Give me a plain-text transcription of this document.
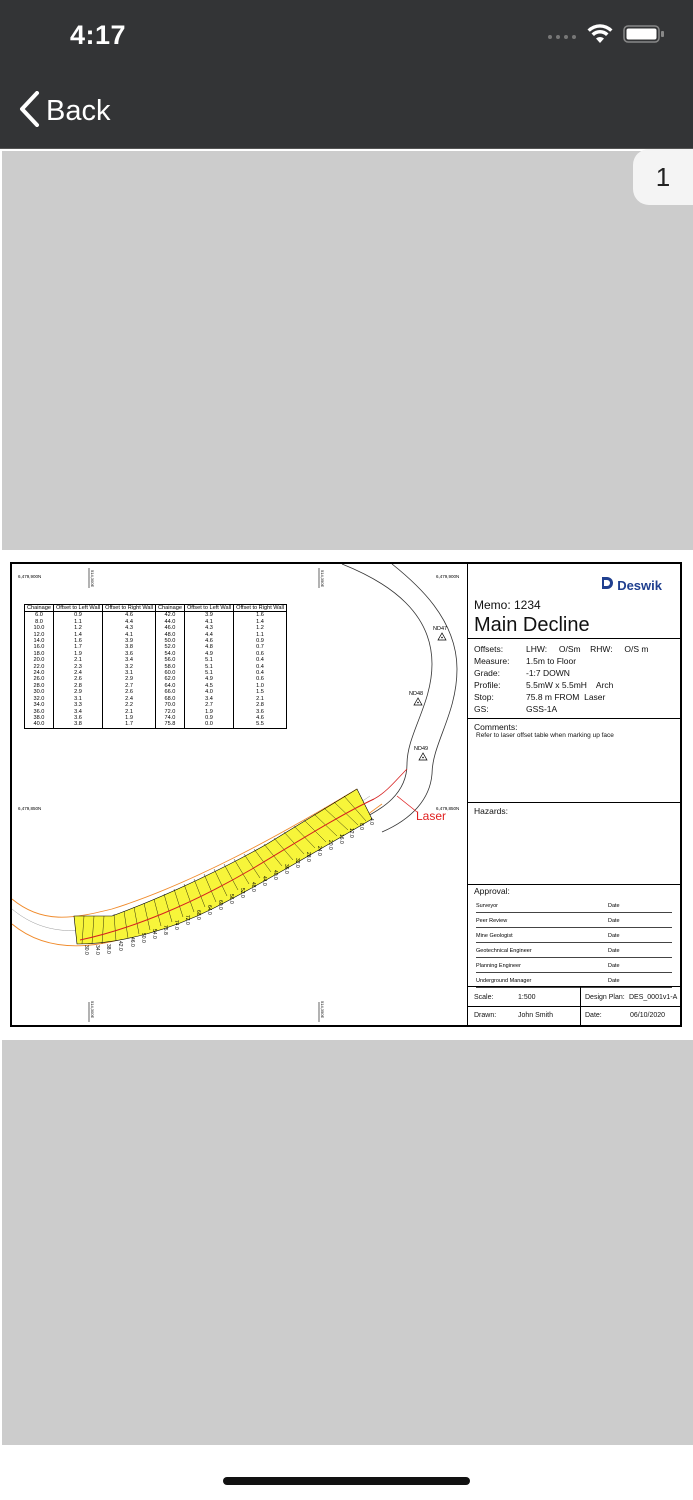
4:17
Back
1
6,479,900N	6,479,900N
6,479,850N	6,479,850N
514,300E	514,350E
514,300E	514,350E
4.0
8.0
12.0
16.0
20.0
24.0
28.0
32.0
36.0
40.0
44.0
48.0
52.0
56.0
60.0
64.0
68.0
72.0
74.0
75.8
54.0
50.0
46.0
42.0
38.0
34.0
30.0
ND47
ND48
ND49
Laser
Chainage	Offset to Left Wall	Offset to Right Wall	Chainage	Offset to Left Wall	Offset to Right Wall
6.0	0.9	4.6	42.0	3.9	1.6
8.0	1.1	4.4	44.0	4.1	1.4
10.0	1.2	4.3	46.0	4.3	1.2
12.0	1.4	4.1	48.0	4.4	1.1
14.0	1.6	3.9	50.0	4.6	0.9
16.0	1.7	3.8	52.0	4.8	0.7
18.0	1.9	3.6	54.0	4.9	0.6
20.0	2.1	3.4	56.0	5.1	0.4
22.0	2.3	3.2	58.0	5.1	0.4
24.0	2.4	3.1	60.0	5.1	0.4
26.0	2.6	2.9	62.0	4.9	0.6
28.0	2.8	2.7	64.0	4.5	1.0
30.0	2.9	2.6	66.0	4.0	1.5
32.0	3.1	2.4	68.0	3.4	2.1
34.0	3.3	2.2	70.0	2.7	2.8
36.0	3.4	2.1	72.0	1.9	3.6
38.0	3.6	1.9	74.0	0.9	4.6
40.0	3.8	1.7	75.8	0.0	5.5
Deswik
Memo: 1234
Main Decline
Offsets:	LHW:     O/Sm    RHW:     O/S m
Measure: 1.5m to Floor
Grade:	-1:7 DOWN
Profile:	5.5mW x 5.5mH    Arch
Stop:	75.8 m FROM  Laser
GS:	GSS-1A
Comments:
Refer to laser offset table when marking up face
Hazards:
Approval:
Surveyor	Date
Peer Review	Date
Mine Geologist	Date
Geotechnical Engineer	Date
Planning Engineer	Date
Underground Manager	Date
Scale:	1:500	Design Plan: DES_0001v1-A
Drawn:	John Smith	Date:	06/10/2020
